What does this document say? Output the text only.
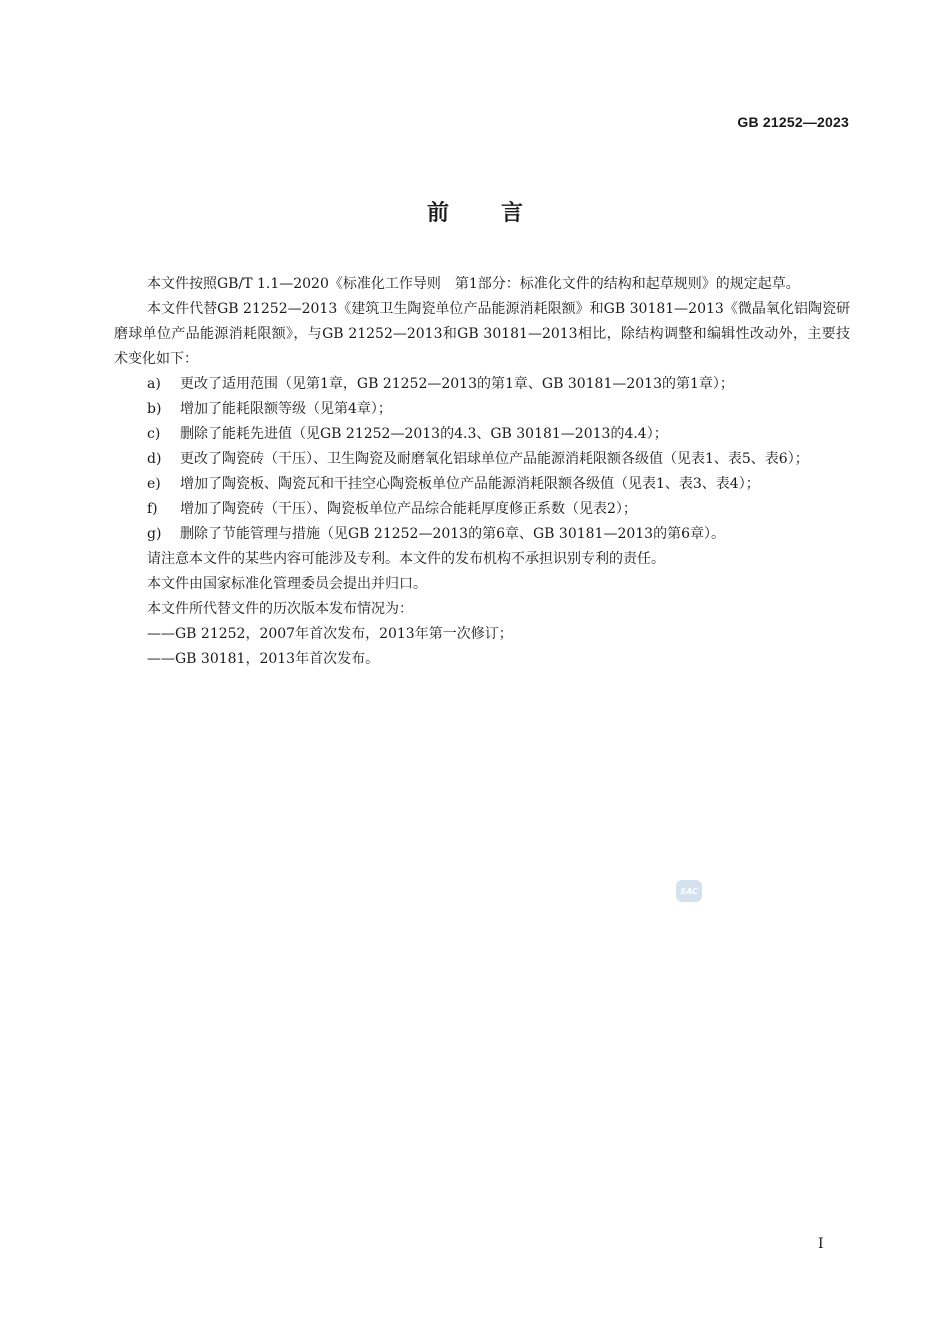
GB 21252—2023
前言

本文件按照GB/T 1.1—2020《标准化工作导则　第1部分：标准化文件的结构和起草规则》的规定起草。

本文件代替GB 21252—2013《建筑卫生陶瓷单位产品能源消耗限额》和GB 30181—2013《微晶氧化铝陶瓷研磨球单位产品能源消耗限额》，与GB 21252—2013和GB 30181—2013相比，除结构调整和编辑性改动外，主要技术变化如下：

a)	更改了适用范围（见第1章，GB 21252—2013的第1章、GB 30181—2013的第1章）；
b)	增加了能耗限额等级（见第4章）；
c)	删除了能耗先进值（见GB 21252—2013的4.3、GB 30181—2013的4.4）；
d)	更改了陶瓷砖（干压）、卫生陶瓷及耐磨氧化铝球单位产品能源消耗限额各级值（见表1、表5、表6）；
e)	增加了陶瓷板、陶瓷瓦和干挂空心陶瓷板单位产品能源消耗限额各级值（见表1、表3、表4）；
f)	增加了陶瓷砖（干压）、陶瓷板单位产品综合能耗厚度修正系数（见表2）；
g)	删除了节能管理与措施（见GB 21252—2013的第6章、GB 30181—2013的第6章）。

请注意本文件的某些内容可能涉及专利。本文件的发布机构不承担识别专利的责任。

本文件由国家标准化管理委员会提出并归口。

本文件所代替文件的历次版本发布情况为：

——GB 21252，2007年首次发布，2013年第一次修订；

——GB 30181，2013年首次发布。

SAC
I
